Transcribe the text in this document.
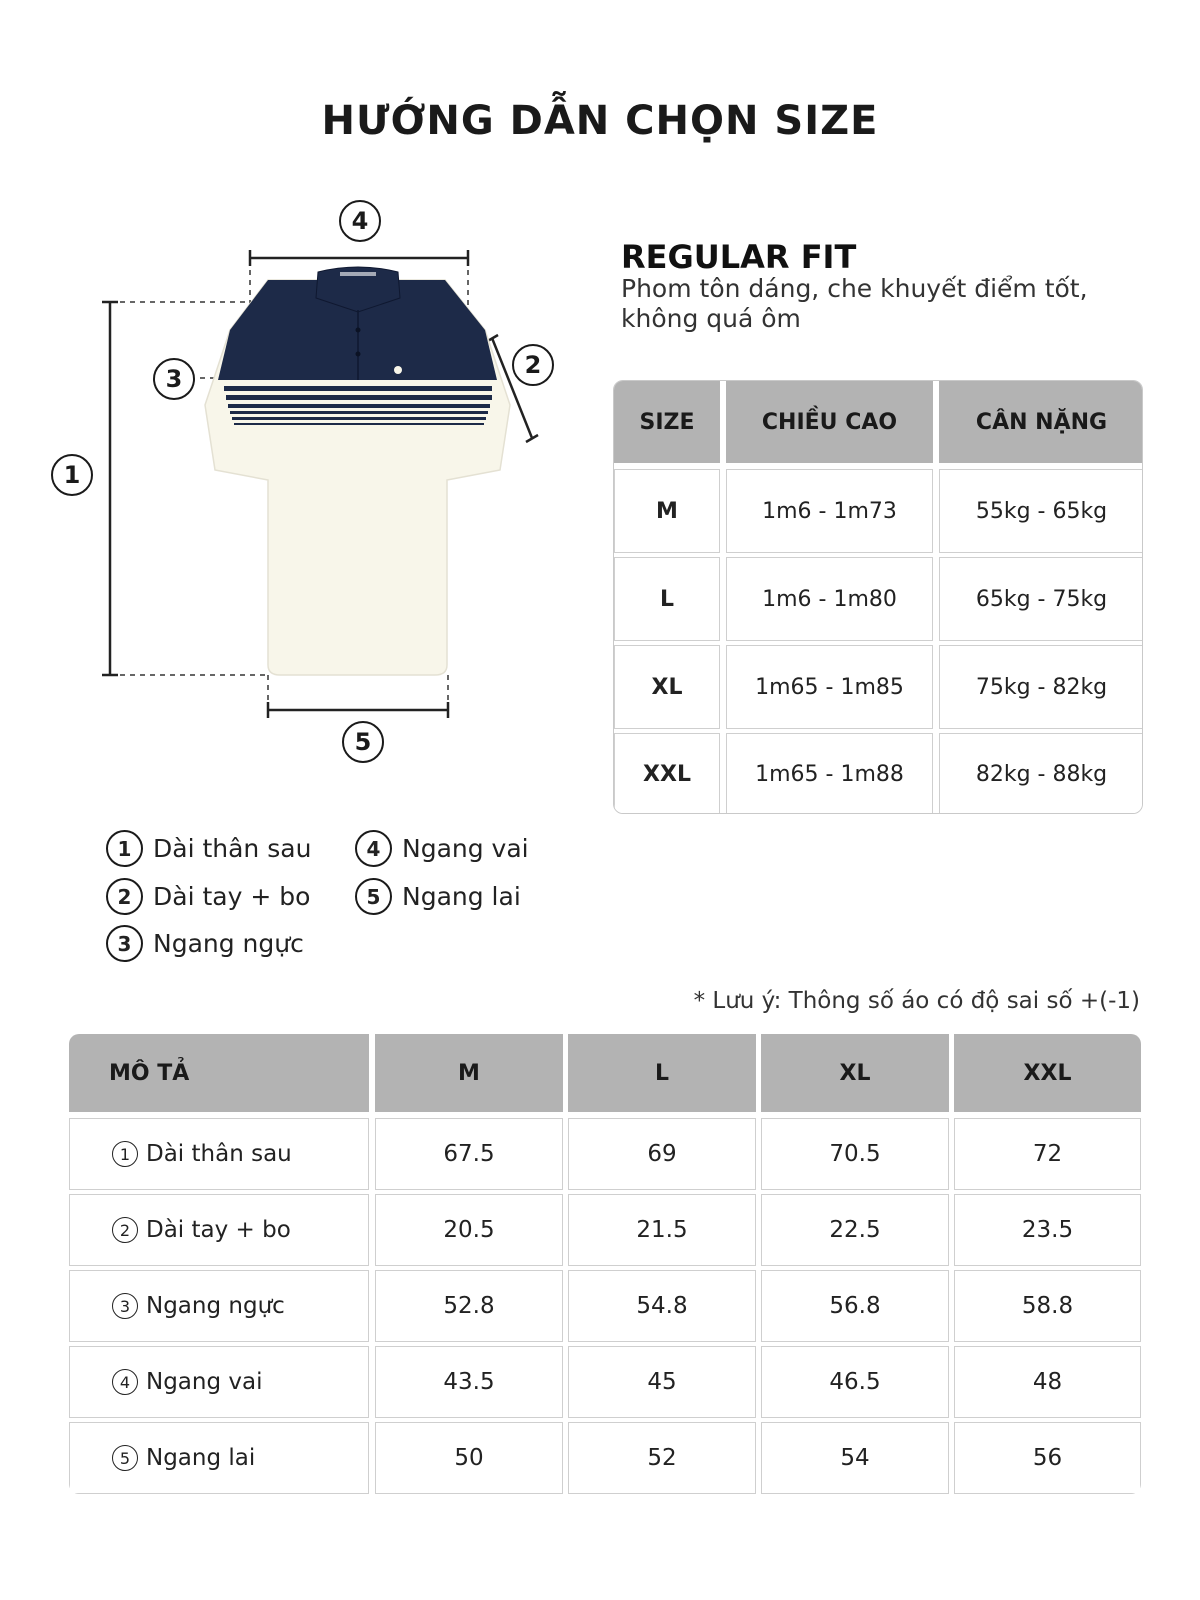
HƯỚNG DẪN CHỌN SIZE
1
2
3
4
5
REGULAR FIT
Phom tôn dáng, che khuyết điểm tốt, không quá ôm
SIZE	CHIỀU CAO	CÂN NẶNG
M	1m6 - 1m73	55kg - 65kg
L	1m6 - 1m80	65kg - 75kg
XL	1m65 - 1m85	75kg - 82kg
XXL	1m65 - 1m88	82kg - 88kg
1 Dài thân sau
2 Dài tay + bo
3 Ngang ngực
4 Ngang vai
5 Ngang lai
* Lưu ý: Thông số áo có độ sai số +(-1)
MÔ TẢ	M	L	XL	XXL
1 Dài thân sau	67.5	69	70.5	72
2 Dài tay + bo	20.5	21.5	22.5	23.5
3 Ngang ngực	52.8	54.8	56.8	58.8
4 Ngang vai	43.5	45	46.5	48
5 Ngang lai	50	52	54	56
